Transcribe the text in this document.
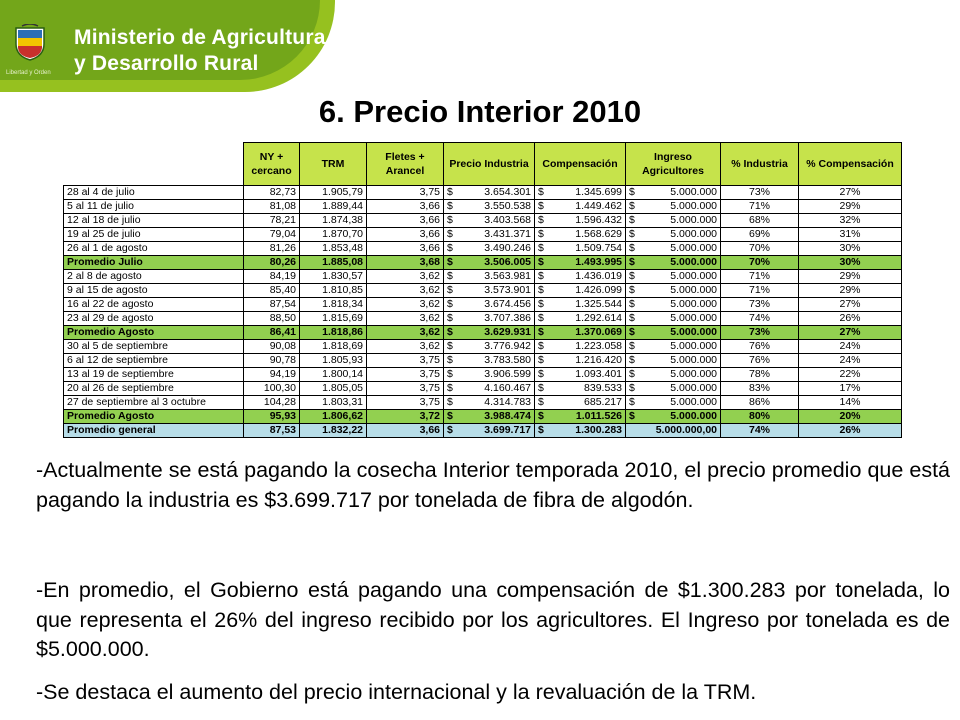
Libertad y Orden
Ministerio de Agricultura
y Desarrollo Rural
6. Precio Interior 2010
	NY + cercano	TRM	Fletes + Arancel	Precio Industria	Compensación	Ingreso Agricultores	% Industria	% Compensación
28 al 4 de julio	82,73	1.905,79	3,75	$ 3.654.301	$ 1.345.699	$ 5.000.000	73%	27%
5 al 11 de julio	81,08	1.889,44	3,66	$ 3.550.538	$ 1.449.462	$ 5.000.000	71%	29%
12 al 18 de julio	78,21	1.874,38	3,66	$ 3.403.568	$ 1.596.432	$ 5.000.000	68%	32%
19 al 25 de julio	79,04	1.870,70	3,66	$ 3.431.371	$ 1.568.629	$ 5.000.000	69%	31%
26 al 1 de agosto	81,26	1.853,48	3,66	$ 3.490.246	$ 1.509.754	$ 5.000.000	70%	30%
Promedio Julio	80,26	1.885,08	3,68	$ 3.506.005	$ 1.493.995	$ 5.000.000	70%	30%
2 al 8 de agosto	84,19	1.830,57	3,62	$ 3.563.981	$ 1.436.019	$ 5.000.000	71%	29%
9 al 15 de agosto	85,40	1.810,85	3,62	$ 3.573.901	$ 1.426.099	$ 5.000.000	71%	29%
16 al 22 de agosto	87,54	1.818,34	3,62	$ 3.674.456	$ 1.325.544	$ 5.000.000	73%	27%
23 al 29 de agosto	88,50	1.815,69	3,62	$ 3.707.386	$ 1.292.614	$ 5.000.000	74%	26%
Promedio Agosto	86,41	1.818,86	3,62	$ 3.629.931	$ 1.370.069	$ 5.000.000	73%	27%
30 al 5 de septiembre	90,08	1.818,69	3,62	$ 3.776.942	$ 1.223.058	$ 5.000.000	76%	24%
6 al 12 de septiembre	90,78	1.805,93	3,75	$ 3.783.580	$ 1.216.420	$ 5.000.000	76%	24%
13 al 19 de septiembre	94,19	1.800,14	3,75	$ 3.906.599	$ 1.093.401	$ 5.000.000	78%	22%
20 al 26 de septiembre	100,30	1.805,05	3,75	$ 4.160.467	$ 839.533	$ 5.000.000	83%	17%
27 de septiembre al 3 octubre	104,28	1.803,31	3,75	$ 4.314.783	$ 685.217	$ 5.000.000	86%	14%
Promedio Agosto	95,93	1.806,62	3,72	$ 3.988.474	$ 1.011.526	$ 5.000.000	80%	20%
Promedio general	87,53	1.832,22	3,66	$ 3.699.717	$ 1.300.283	5.000.000,00	74%	26%
-Actualmente se está pagando la cosecha Interior temporada 2010, el precio promedio que está pagando la industria es $3.699.717 por tonelada de fibra de algodón.
-En promedio, el Gobierno está pagando una compensación de $1.300.283 por tonelada, lo que representa el 26% del ingreso recibido por los agricultores. El Ingreso por tonelada es de $5.000.000.
-Se destaca el aumento del precio internacional y la revaluación de la TRM.
